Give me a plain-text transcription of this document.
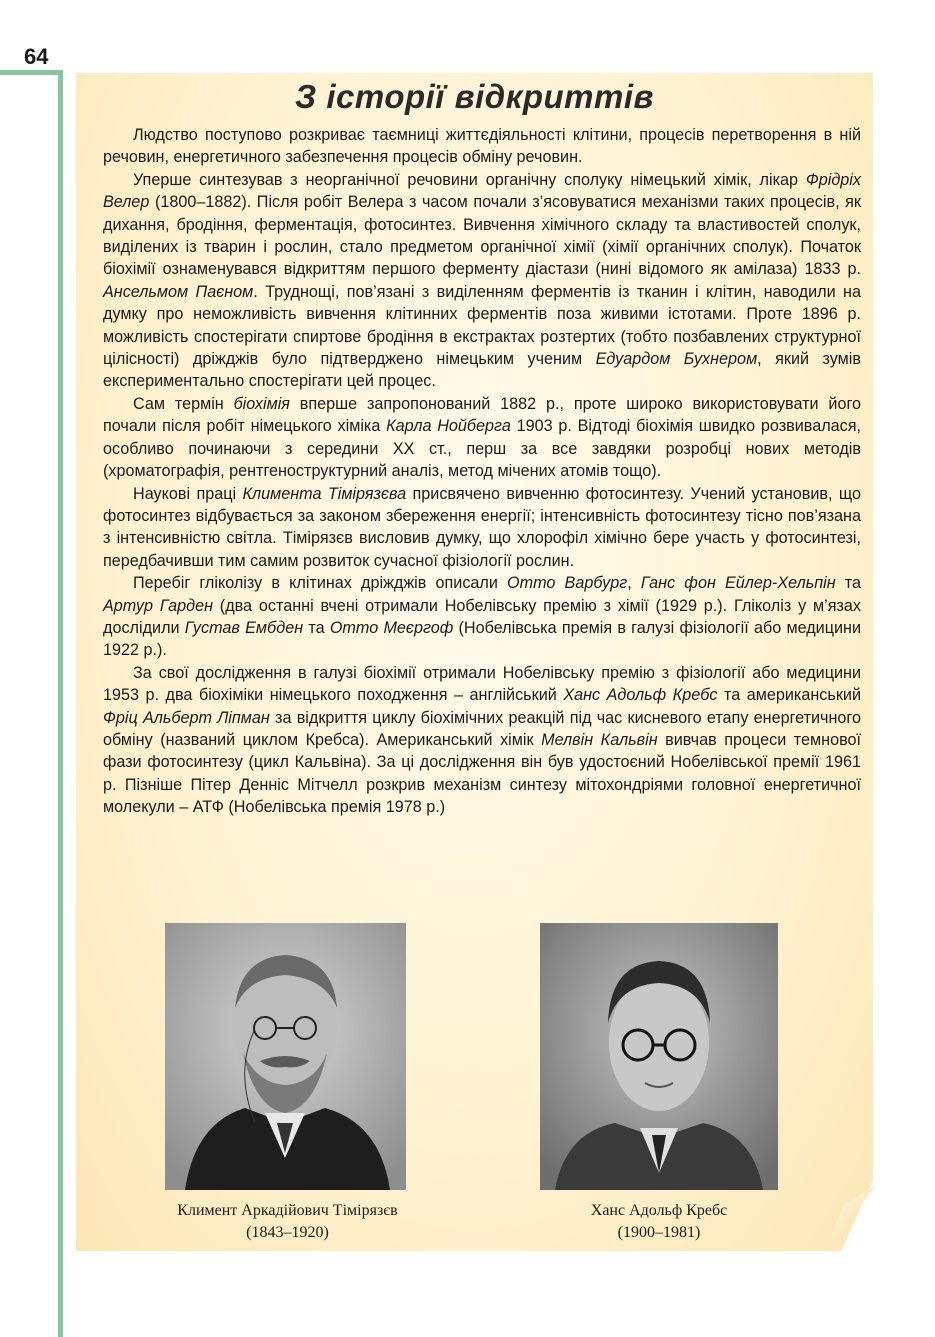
64
З історії відкриттів

Людство поступово розкриває таємниці життєдіяльності клітини, процесів перетворення в ній речовин, енергетичного забезпечення процесів обміну речовин.

Уперше синтезував з неорганічної речовини органічну сполуку німецький хімік, лікар Фрідріх Велер (1800–1882). Після робіт Велера з часом почали з’ясовуватися механізми таких процесів, як дихання, бродіння, ферментація, фотосинтез. Вивчення хімічного складу та властивостей сполук, виділених із тварин і рослин, стало предметом органічної хімії (хімії органічних сполук). Початок біохімії ознаменувався відкриттям першого ферменту діастази (нині відомого як амілаза) 1833 р. Ансельмом Паєном. Труднощі, пов’язані з виділенням ферментів із тканин і клітин, наводили на думку про неможливість вивчення клітинних ферментів поза живими істотами. Проте 1896 р. можливість спостерігати спиртове бродіння в екстрактах розтертих (тобто позбавлених структурної цілісності) дріжджів було підтверджено німецьким ученим Едуардом Бухнером, який зумів експериментально спостерігати цей процес.

Сам термін біохімія вперше запропонований 1882 р., проте широко використовувати його почали після робіт німецького хіміка Карла Нойберга 1903 р. Відтоді біохімія швидко розвивалася, особливо починаючи з середини XX ст., перш за все завдяки розробці нових методів (хроматографія, рентгеноструктурний аналіз, метод мічених атомів тощо).

Наукові праці Климента Тімірязєва присвячено вивченню фотосинтезу. Учений установив, що фотосинтез відбувається за законом збереження енергії; інтенсивність фотосинтезу тісно пов’язана з інтенсивністю світла. Тімірязєв висловив думку, що хлорофіл хімічно бере участь у фотосинтезі, передбачивши тим самим розвиток сучасної фізіології рослин.

Перебіг гліколізу в клітинах дріжджів описали Отто Варбург, Ганс фон Ейлер-Хельпін та Артур Гарден (два останні вчені отримали Нобелівську премію з хімії (1929 р.). Гліколіз у м’язах дослідили Густав Ембден та Отто Меєргоф (Нобелівська премія в галузі фізіології або медицини 1922 р.).

За свої дослідження в галузі біохімії отримали Нобелівську премію з фізіології або медицини 1953 р. два біохіміки німецького походження – англійський Ханс Адольф Кребс та американський Фріц Альберт Ліпман за відкриття циклу біохімічних реакцій під час кисневого етапу енергетичного обміну (названий циклом Кребса). Американський хімік Мелвін Кальвін вивчав процеси темнової фази фотосинтезу (цикл Кальвіна). За ці дослідження він був удостоєний Нобелівської премії 1961 р. Пізніше Пітер Денніс Мітчелл розкрив механізм синтезу мітохондріями головної енергетичної молекули – АТФ (Нобелівська премія 1978 р.)

Климент Аркадійович Тімірязєв
(1843–1920)
Ханс Адольф Кребс
(1900–1981)
